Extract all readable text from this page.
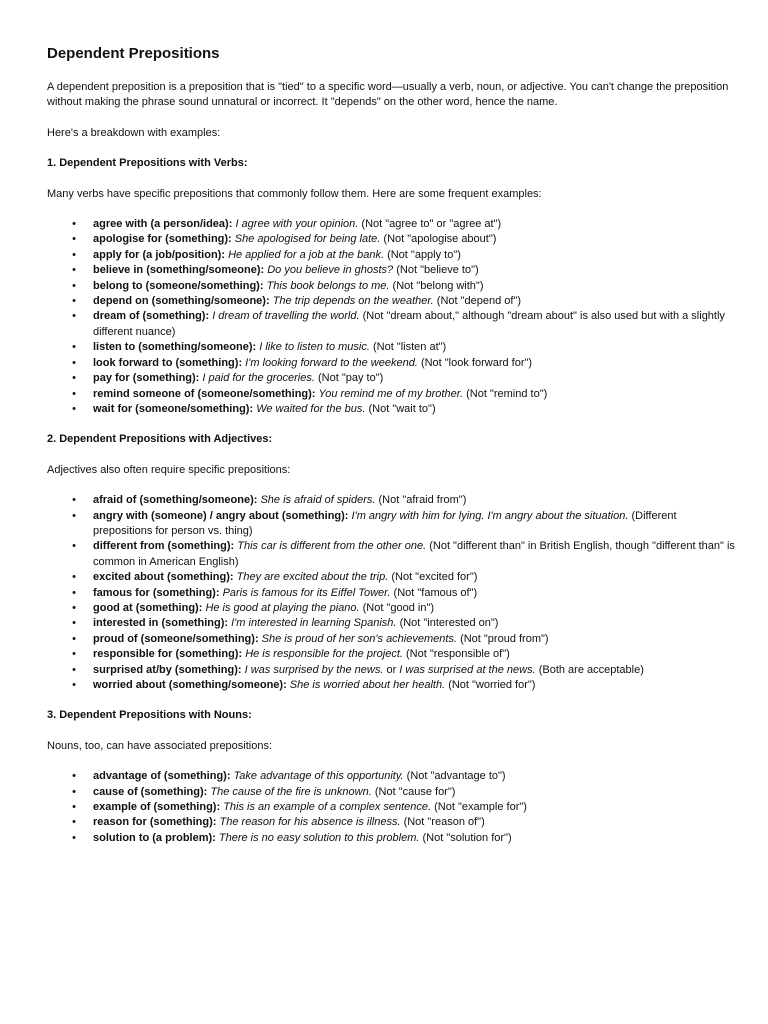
Dependent Prepositions

A dependent preposition is a preposition that is "tied" to a specific word—usually a verb, noun, or adjective. You can't change the preposition without making the phrase sound unnatural or incorrect. It "depends" on the other word, hence the name.

Here's a breakdown with examples:

1. Dependent Prepositions with Verbs:

Many verbs have specific prepositions that commonly follow them. Here are some frequent examples:

• agree with (a person/idea): I agree with your opinion. (Not "agree to" or "agree at")
• apologise for (something): She apologised for being late. (Not "apologise about")
• apply for (a job/position): He applied for a job at the bank. (Not "apply to")
• believe in (something/someone): Do you believe in ghosts? (Not "believe to")
• belong to (someone/something): This book belongs to me. (Not "belong with")
• depend on (something/someone): The trip depends on the weather. (Not "depend of")
• dream of (something): I dream of travelling the world. (Not "dream about," although "dream about" is also used but with a slightly different nuance)
• listen to (something/someone): I like to listen to music. (Not "listen at")
• look forward to (something): I'm looking forward to the weekend. (Not "look forward for")
• pay for (something): I paid for the groceries. (Not "pay to")
• remind someone of (someone/something): You remind me of my brother. (Not "remind to")
• wait for (someone/something): We waited for the bus. (Not "wait to")

2. Dependent Prepositions with Adjectives:

Adjectives also often require specific prepositions:

• afraid of (something/someone): She is afraid of spiders. (Not "afraid from")
• angry with (someone) / angry about (something): I'm angry with him for lying. I'm angry about the situation. (Different prepositions for person vs. thing)
• different from (something): This car is different from the other one. (Not "different than" in British English, though "different than" is common in American English)
• excited about (something): They are excited about the trip. (Not "excited for")
• famous for (something): Paris is famous for its Eiffel Tower. (Not "famous of")
• good at (something): He is good at playing the piano. (Not "good in")
• interested in (something): I'm interested in learning Spanish. (Not "interested on")
• proud of (someone/something): She is proud of her son's achievements. (Not "proud from")
• responsible for (something): He is responsible for the project. (Not "responsible of")
• surprised at/by (something): I was surprised by the news. or I was surprised at the news. (Both are acceptable)
• worried about (something/someone): She is worried about her health. (Not "worried for")

3. Dependent Prepositions with Nouns:

Nouns, too, can have associated prepositions:

• advantage of (something): Take advantage of this opportunity. (Not "advantage to")
• cause of (something): The cause of the fire is unknown. (Not "cause for")
• example of (something): This is an example of a complex sentence. (Not "example for")
• reason for (something): The reason for his absence is illness. (Not "reason of")
• solution to (a problem): There is no easy solution to this problem. (Not "solution for")
